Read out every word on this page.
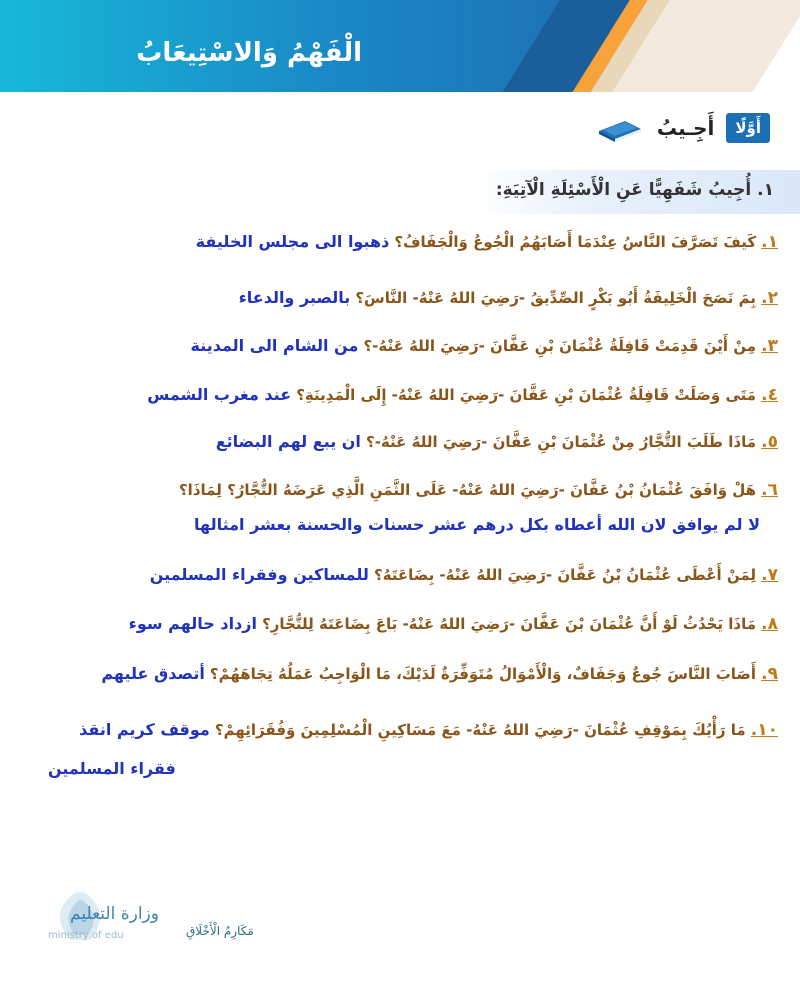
الْفَهْمُ وَالاسْتِيعَابُ
أَوَّلًا
أَجِـيبُ
١. أُجِيبُ شَفَهِيًّا عَنِ الْأَسْئِلَةِ الْآتِيَةِ:
١. كَيفَ تَصَرَّفَ النَّاسُ عِنْدَمَا أَصَابَهُمُ الْجُوعُ وَالْجَفَافُ؟ ذهبوا الى مجلس الخليفة
٢. بِمَ نَصَحَ الْخَلِيفَةُ أَبُو بَكْرٍ الصِّدِّيقُ -رَضِيَ اللهُ عَنْهُ- النَّاسَ؟ بالصبر والدعاء
٣. مِنْ أَيْنَ قَدِمَتْ قَافِلَةُ عُثْمَانَ بْنِ عَفَّانَ -رَضِيَ اللهُ عَنْهُ-؟ من الشام الى المدينة
٤. مَتَى وَصَلَتْ قَافِلَةُ عُثْمَانَ بْنِ عَفَّانَ -رَضِيَ اللهُ عَنْهُ- إِلَى الْمَدِينَةِ؟ عند مغرب الشمس
٥. مَاذَا طَلَبَ التُّجَّارُ مِنْ عُثْمَانَ بْنِ عَفَّانَ -رَضِيَ اللهُ عَنْهُ-؟ ان يبع لهم البضائع
٦. هَلْ وَافَقَ عُثْمَانُ بْنُ عَفَّانَ -رَضِيَ اللهُ عَنْهُ- عَلَى الثَّمَنِ الَّذِي عَرَضَهُ التُّجَّارُ؟ لِمَاذَا؟
لا لم يوافق لان الله أعطاه بكل درهم عشر حسنات والحسنة بعشر امثالها
٧. لِمَنْ أَعْطَى عُثْمَانُ بْنُ عَفَّانَ -رَضِيَ اللهُ عَنْهُ- بِضَاعَتَهُ؟ للمساكين وفقراء المسلمين
٨. مَاذَا يَحْدُثُ لَوْ أَنَّ عُثْمَانَ بْنَ عَفَّانَ -رَضِيَ اللهُ عَنْهُ- بَاعَ بِضَاعَتَهُ لِلتُّجَّارِ؟ ازداد حالهم سوء
٩. أَصَابَ النَّاسَ جُوعٌ وَجَفَافٌ، وَالْأَمْوَالُ مُتَوَفِّرَةٌ لَدَيْكَ، مَا الْوَاجِبُ عَمَلُهُ تِجَاهَهُمْ؟ أتصدق عليهم
١٠. مَا رَأْيُكَ بِمَوْقِفِ عُثْمَانَ -رَضِيَ اللهُ عَنْهُ- مَعَ مَسَاكِينِ الْمُسْلِمِينَ وَفُقَرَائِهِمْ؟ موقف كريم انقذ
فقراء المسلمين
وزارة التعليم
ministry of edu	مَكَارِمُ الْأَخْلَاقِ
